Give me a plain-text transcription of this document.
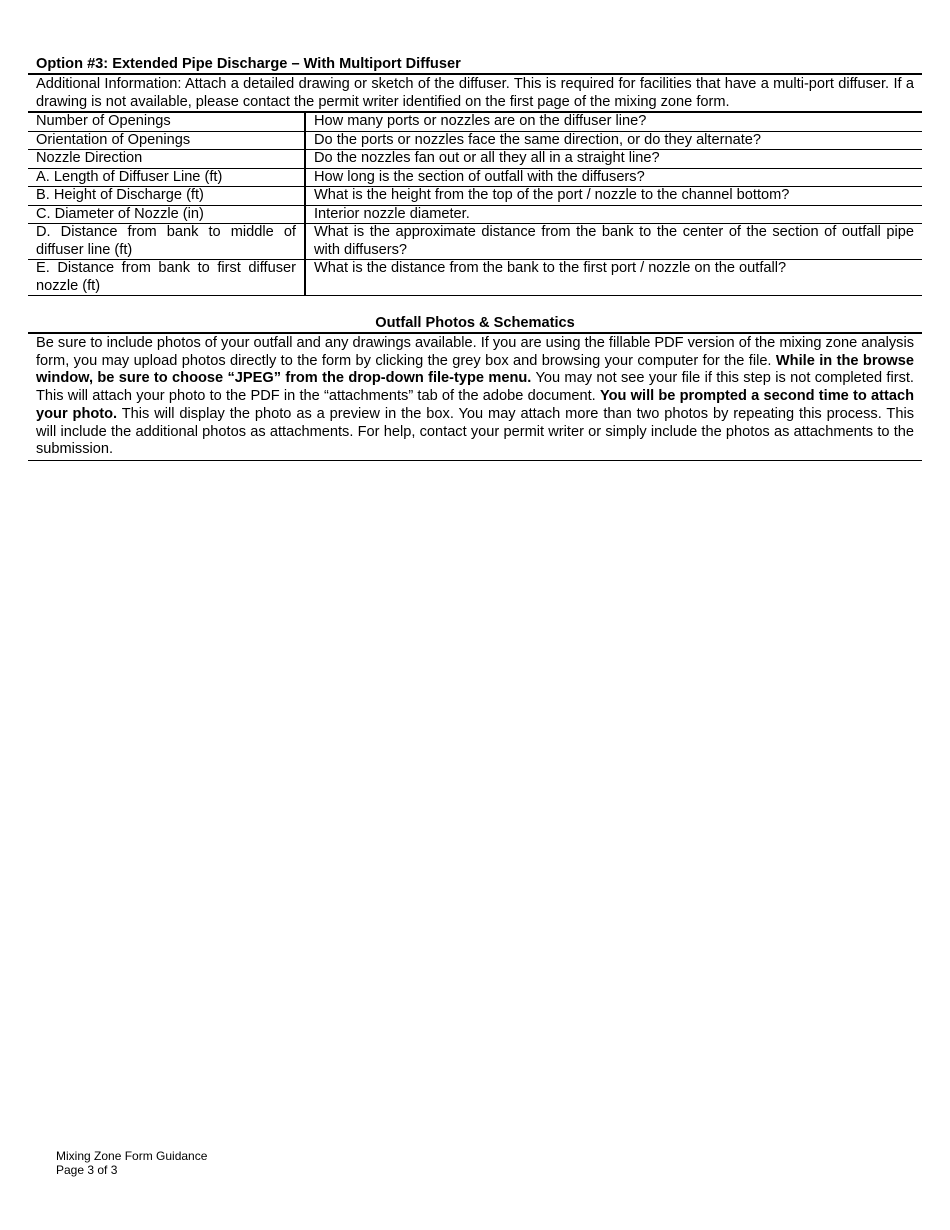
Option #3: Extended Pipe Discharge – With Multiport Diffuser
Additional Information: Attach a detailed drawing or sketch of the diffuser. This is required for facilities that have a multi-port diffuser. If a drawing is not available, please contact the permit writer identified on the first page of the mixing zone form.
Number of Openings	How many ports or nozzles are on the diffuser line?
Orientation of Openings	Do the ports or nozzles face the same direction, or do they alternate?
Nozzle Direction	Do the nozzles fan out or all they all in a straight line?
A. Length of Diffuser Line (ft)	How long is the section of outfall with the diffusers?
B. Height of Discharge (ft)	What is the height from the top of the port / nozzle to the channel bottom?
C. Diameter of Nozzle (in)	Interior nozzle diameter.
D. Distance from bank to middle of diffuser line (ft)	What is the approximate distance from the bank to the center of the section of outfall pipe with diffusers?
E. Distance from bank to first diffuser nozzle (ft)	What is the distance from the bank to the first port / nozzle on the outfall?
Outfall Photos & Schematics
Be sure to include photos of your outfall and any drawings available. If you are using the fillable PDF version of the mixing zone analysis form, you may upload photos directly to the form by clicking the grey box and browsing your computer for the file. While in the browse window, be sure to choose “JPEG” from the drop-down file-type menu. You may not see your file if this step is not completed first. This will attach your photo to the PDF in the “attachments” tab of the adobe document. You will be prompted a second time to attach your photo. This will display the photo as a preview in the box. You may attach more than two photos by repeating this process. This will include the additional photos as attachments. For help, contact your permit writer or simply include the photos as attachments to the submission.
Mixing Zone Form Guidance
Page 3 of 3
